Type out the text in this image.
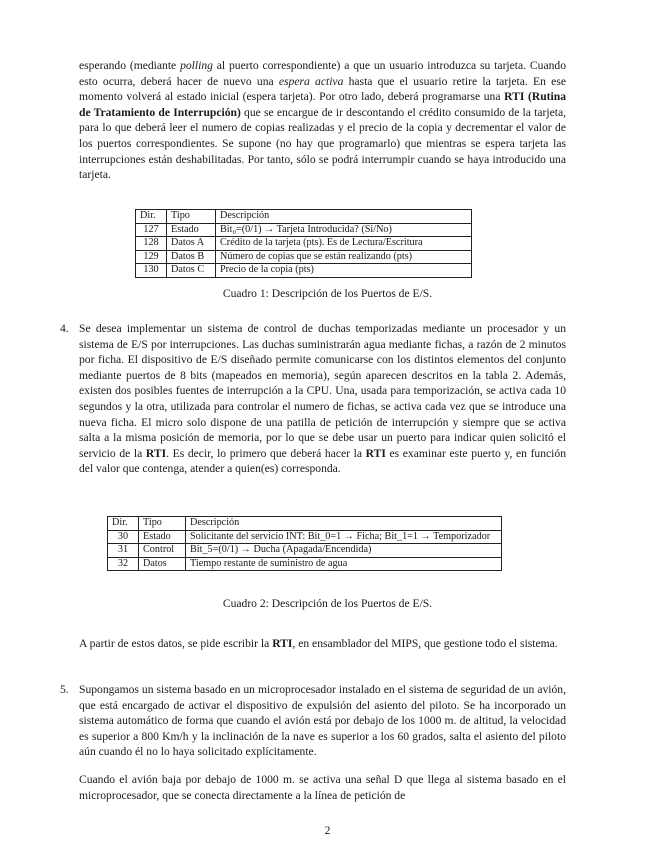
esperando (mediante polling al puerto correspondiente) a que un usuario introduzca su tarjeta. Cuando esto ocurra, deberá hacer de nuevo una espera activa hasta que el usuario retire la tarjeta. En ese momento volverá al estado inicial (espera tarjeta). Por otro lado, deberá programarse una RTI (Rutina de Tratamiento de Interrupción) que se encargue de ir descontando el crédito consumido de la tarjeta, para lo que deberá leer el numero de copias realizadas y el precio de la copia y decrementar el valor de los puertos correspondientes. Se supone (no hay que programarlo) que mientras se espera tarjeta las interrupciones están deshabilitadas. Por tanto, sólo se podrá interrumpir cuando se haya introducido una tarjeta.

Dir.	Tipo	Descripción
127	Estado	Bit₀=(0/1) → Tarjeta Introducida? (Si/No)
128	Datos A	Crédito de la tarjeta (pts). Es de Lectura/Escritura
129	Datos B	Número de copias que se están realizando (pts)
130	Datos C	Precio de la copia (pts)
Cuadro 1: Descripción de los Puertos de E/S.
4. Se desea implementar un sistema de control de duchas temporizadas mediante un procesador y un sistema de E/S por interrupciones. Las duchas suministrarán agua mediante fichas, a razón de 2 minutos por ficha. El dispositivo de E/S diseñado permite comunicarse con los distintos elementos del conjunto mediante puertos de 8 bits (mapeados en memoria), según aparecen descritos en la tabla 2. Además, existen dos posibles fuentes de interrupción a la CPU. Una, usada para temporización, se activa cada 10 segundos y la otra, utilizada para controlar el numero de fichas, se activa cada vez que se introduce una nueva ficha. El micro solo dispone de una patilla de petición de interrupción y siempre que se activa salta a la misma posición de memoria, por lo que se debe usar un puerto para indicar quien solicitó el servicio de la RTI. Es decir, lo primero que deberá hacer la RTI es examinar este puerto y, en función del valor que contenga, atender a quien(es) corresponda.

Dir.	Tipo	Descripción
30	Estado	Solicitante del servicio INT: Bit_0=1 → Ficha; Bit_1=1 → Temporizador
31	Control	Bit_5=(0/1) → Ducha (Apagada/Encendida)
32	Datos	Tiempo restante de suministro de agua
Cuadro 2: Descripción de los Puertos de E/S.

A partir de estos datos, se pide escribir la RTI, en ensamblador del MIPS, que gestione todo el sistema.

5. Supongamos un sistema basado en un microprocesador instalado en el sistema de seguridad de un avión, que está encargado de activar el dispositivo de expulsión del asiento del piloto. Se ha incorporado un sistema automático de forma que cuando el avión está por debajo de los 1000 m. de altitud, la velocidad es superior a 800 Km/h y la inclinación de la nave es superior a los 60 grados, salta el asiento del piloto aún cuando él no lo haya solicitado explícitamente.

Cuando el avión baja por debajo de 1000 m. se activa una señal D que llega al sistema basado en el microprocesador, que se conecta directamente a la línea de petición de

2
